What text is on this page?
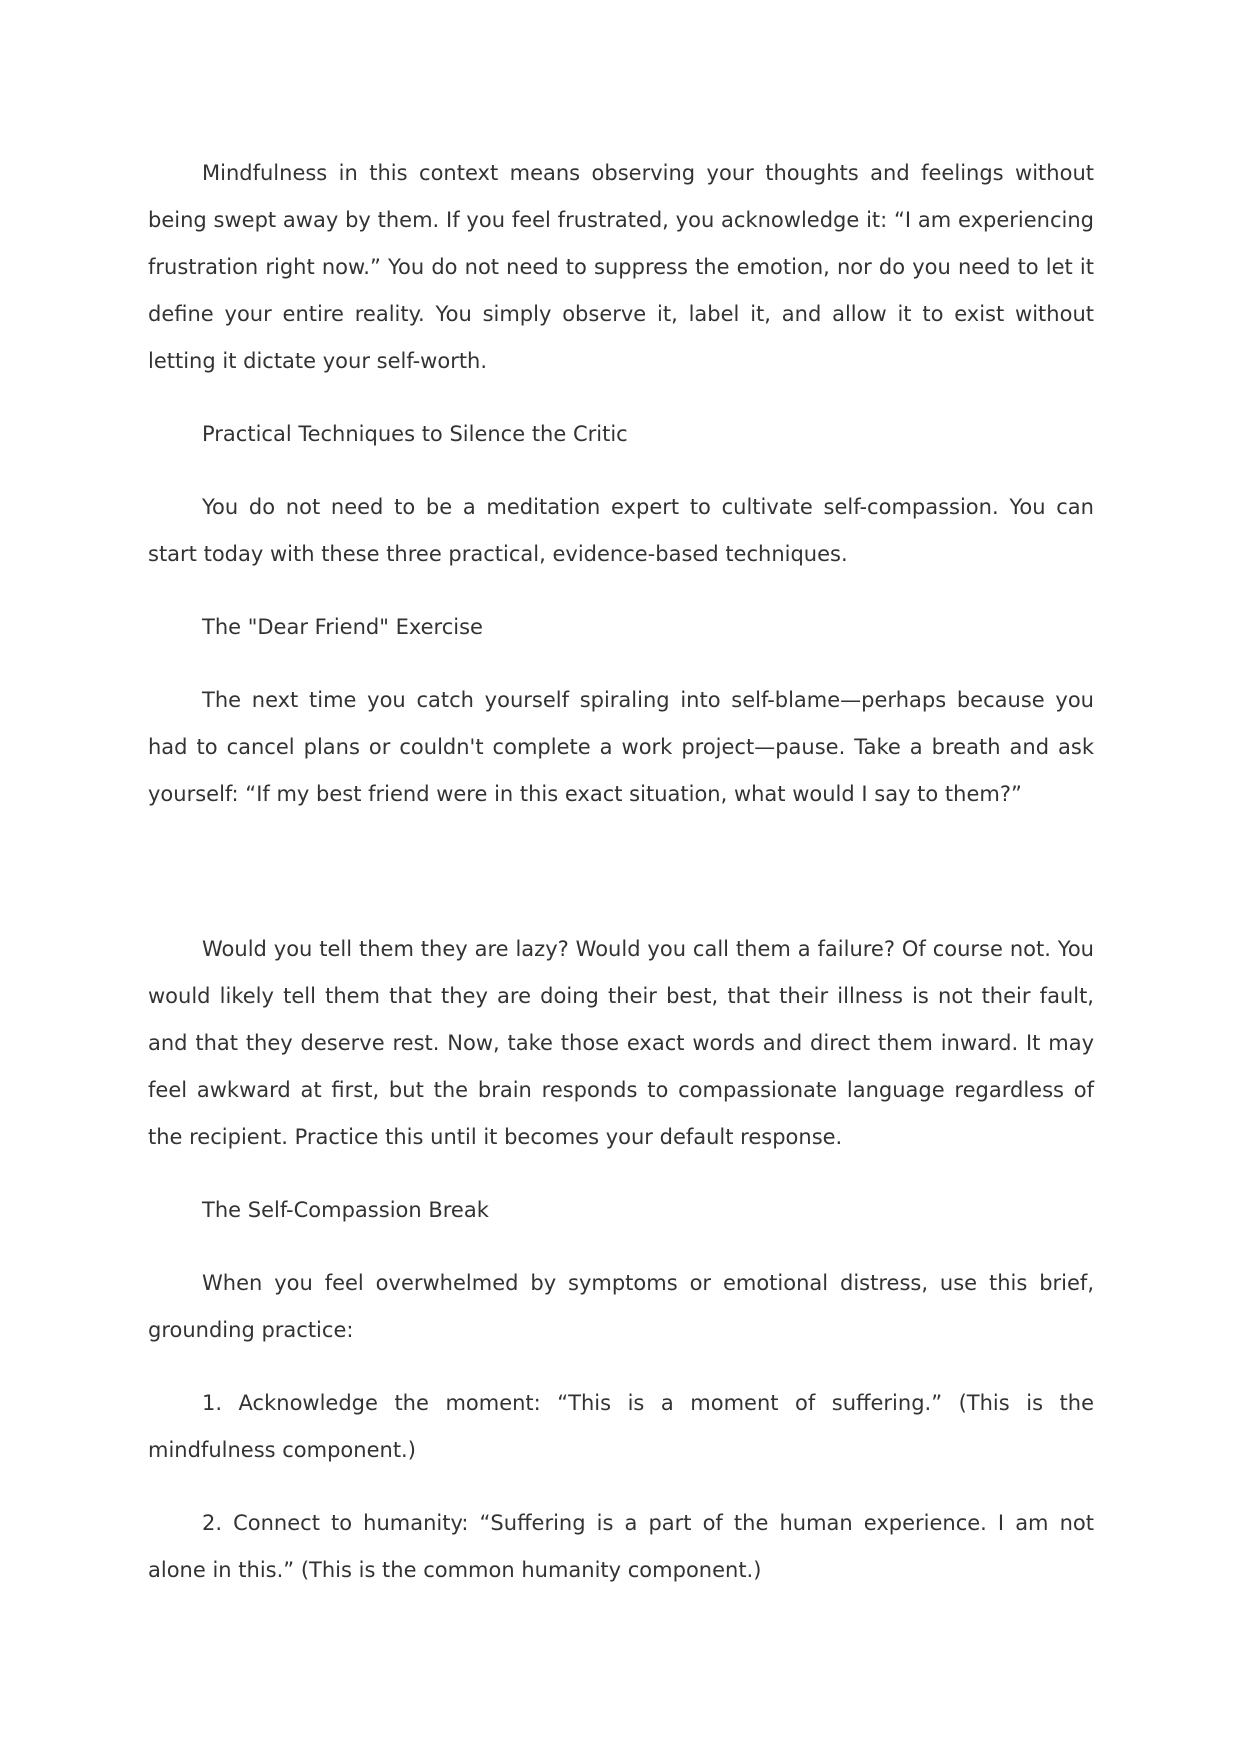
Mindfulness in this context means observing your thoughts and feelings without being swept away by them. If you feel frustrated, you acknowledge it: “I am experiencing frustration right now.” You do not need to suppress the emotion, nor do you need to let it define your entire reality. You simply observe it, label it, and allow it to exist without letting it dictate your self-worth.

Practical Techniques to Silence the Critic

You do not need to be a meditation expert to cultivate self-compassion. You can start today with these three practical, evidence-based techniques.

The "Dear Friend" Exercise

The next time you catch yourself spiraling into self-blame—perhaps because you had to cancel plans or couldn't complete a work project—pause. Take a breath and ask yourself: “If my best friend were in this exact situation, what would I say to them?”

Would you tell them they are lazy? Would you call them a failure? Of course not. You would likely tell them that they are doing their best, that their illness is not their fault, and that they deserve rest. Now, take those exact words and direct them inward. It may feel awkward at first, but the brain responds to compassionate language regardless of the recipient. Practice this until it becomes your default response.

The Self-Compassion Break

When you feel overwhelmed by symptoms or emotional distress, use this brief, grounding practice:

1. Acknowledge the moment: “This is a moment of suffering.” (This is the mindfulness component.)

2. Connect to humanity: “Suffering is a part of the human experience. I am not alone in this.” (This is the common humanity component.)
